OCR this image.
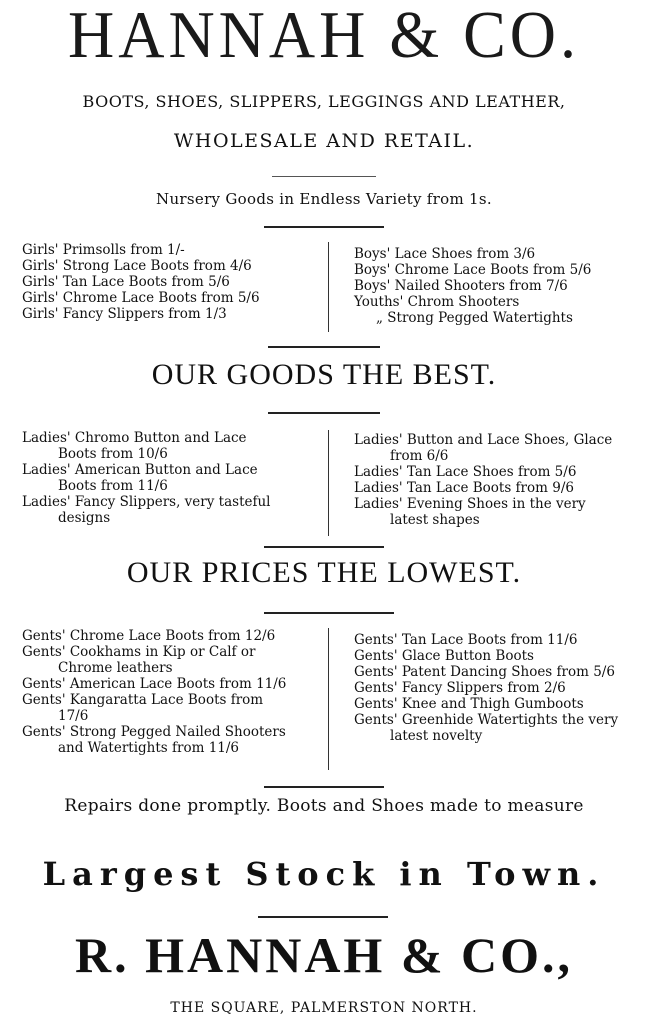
HANNAH & CO.
BOOTS, SHOES, SLIPPERS, LEGGINGS AND LEATHER,
WHOLESALE AND RETAIL.
Nursery Goods in Endless Variety from 1s.
Girls' Primsolls from 1/-
Girls' Strong Lace Boots from 4/6
Girls' Tan Lace Boots from 5/6
Girls' Chrome Lace Boots from 5/6
Girls' Fancy Slippers from 1/3
Boys' Lace Shoes from 3/6
Boys' Chrome Lace Boots from 5/6
Boys' Nailed Shooters from 7/6
Youths' Chrom Shooters
„ Strong Pegged Watertights
OUR GOODS THE BEST.
Ladies' Chromo Button and Lace
Boots from 10/6
Ladies' American Button and Lace
Boots from 11/6
Ladies' Fancy Slippers, very tasteful
designs
Ladies' Button and Lace Shoes, Glace
from 6/6
Ladies' Tan Lace Shoes from 5/6
Ladies' Tan Lace Boots from 9/6
Ladies' Evening Shoes in the very
latest shapes
OUR PRICES THE LOWEST.
Gents' Chrome Lace Boots from 12/6
Gents' Cookhams in Kip or Calf or
Chrome leathers
Gents' American Lace Boots from 11/6
Gents' Kangaratta Lace Boots from
17/6
Gents' Strong Pegged Nailed Shooters
and Watertights from 11/6
Gents' Tan Lace Boots from 11/6
Gents' Glace Button Boots
Gents' Patent Dancing Shoes from 5/6
Gents' Fancy Slippers from 2/6
Gents' Knee and Thigh Gumboots
Gents' Greenhide Watertights the very
latest novelty
Repairs done promptly. Boots and Shoes made to measure
Largest Stock in Town.
R. HANNAH & CO.,
THE SQUARE, PALMERSTON NORTH.
